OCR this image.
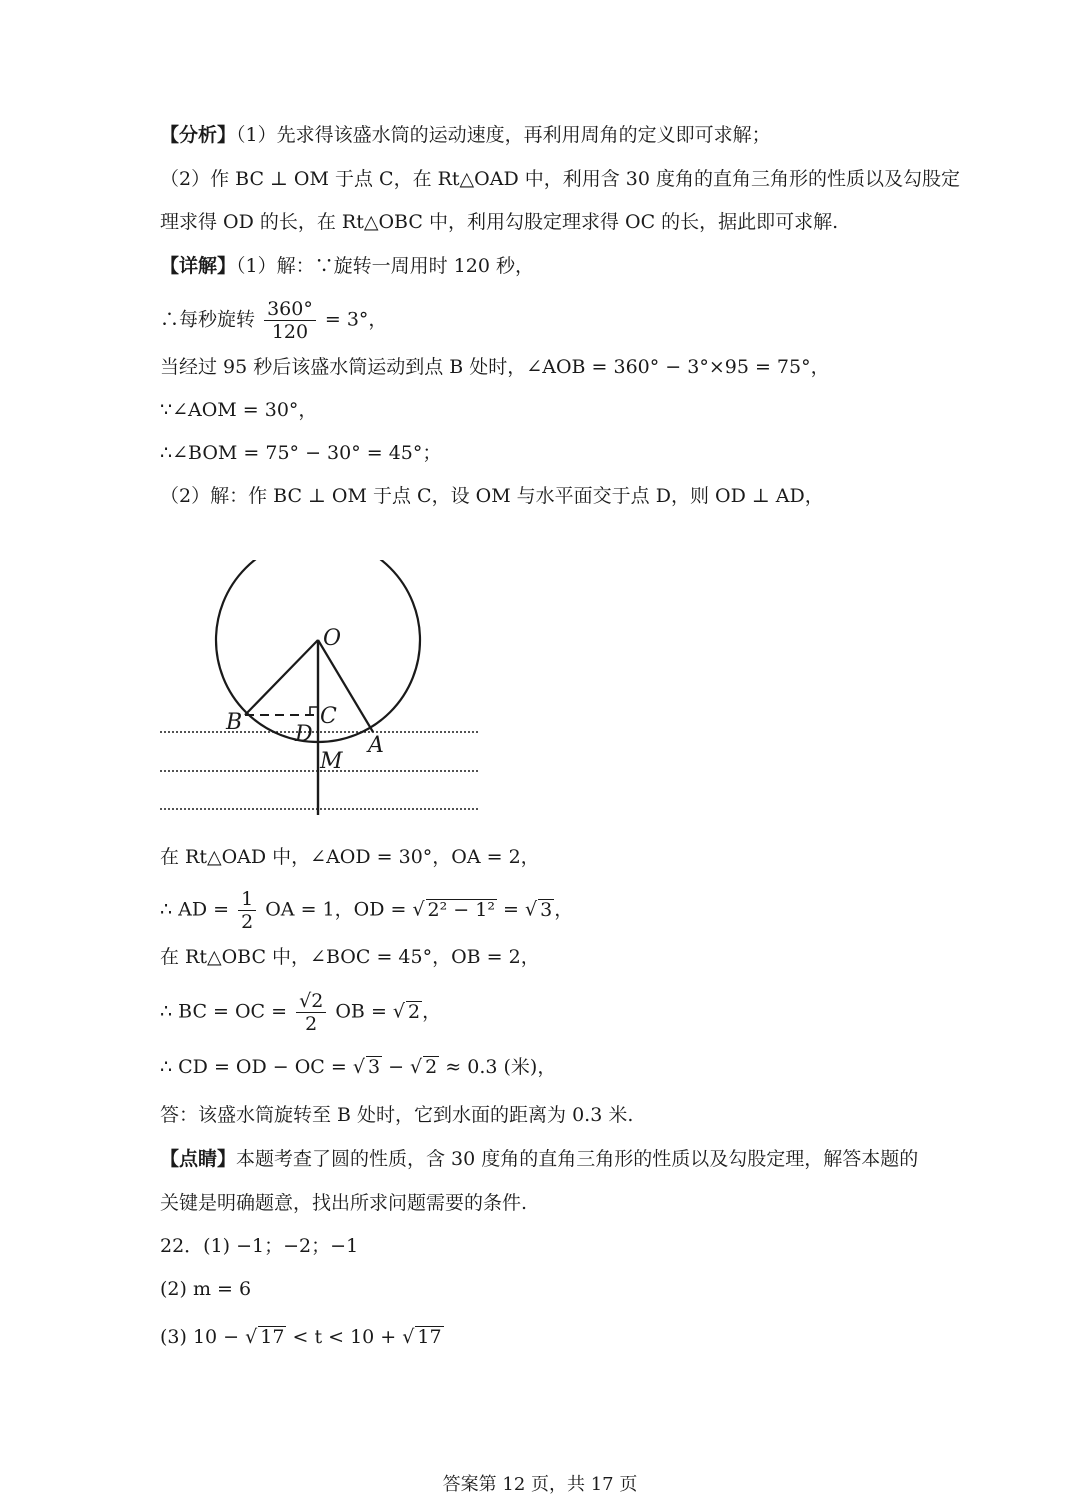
【分析】（1）先求得该盛水筒的运动速度，再利用周角的定义即可求解；
（2）作 BC ⊥ OM 于点 C，在 Rt△OAD 中，利用含 30 度角的直角三角形的性质以及勾股定
理求得 OD 的长，在 Rt△OBC 中，利用勾股定理求得 OC 的长，据此即可求解.
【详解】（1）解：∵旋转一周用时 120 秒，
∴每秒旋转 $\frac{360^\circ}{120} = 3^\circ$，
当经过 95 秒后该盛水筒运动到点 B 处时，∠AOB = 360° − 3°×95 = 75°，
∵∠AOM = 30°，
∴∠BOM = 75° − 30° = 45°；
（2）解：作 BC ⊥ OM 于点 C，设 OM 与水平面交于点 D，则 OD ⊥ AD，
O
B	C
D	A
M
在 Rt△OAD 中，∠AOD = 30°，OA = 2，
∴ AD = $\frac{1}{2}$ OA = 1，OD = √ 2² − 1² = √ 3 ，
在 Rt△OBC 中，∠BOC = 45°，OB = 2，
∴ BC = OC = $\frac{√2}{2}$ OB = √ 2 ，
∴ CD = OD − OC = √ 3 − √ 2 ≈ 0.3 (米)，
答：该盛水筒旋转至 B 处时，它到水面的距离为 0.3 米.
【点睛】本题考查了圆的性质，含 30 度角的直角三角形的性质以及勾股定理，解答本题的
关键是明确题意，找出所求问题需要的条件.
22．(1) −1；−2；−1
(2) m = 6
(3) 10 − √ 17 < t < 10 + √ 17
答案第 12 页，共 17 页
